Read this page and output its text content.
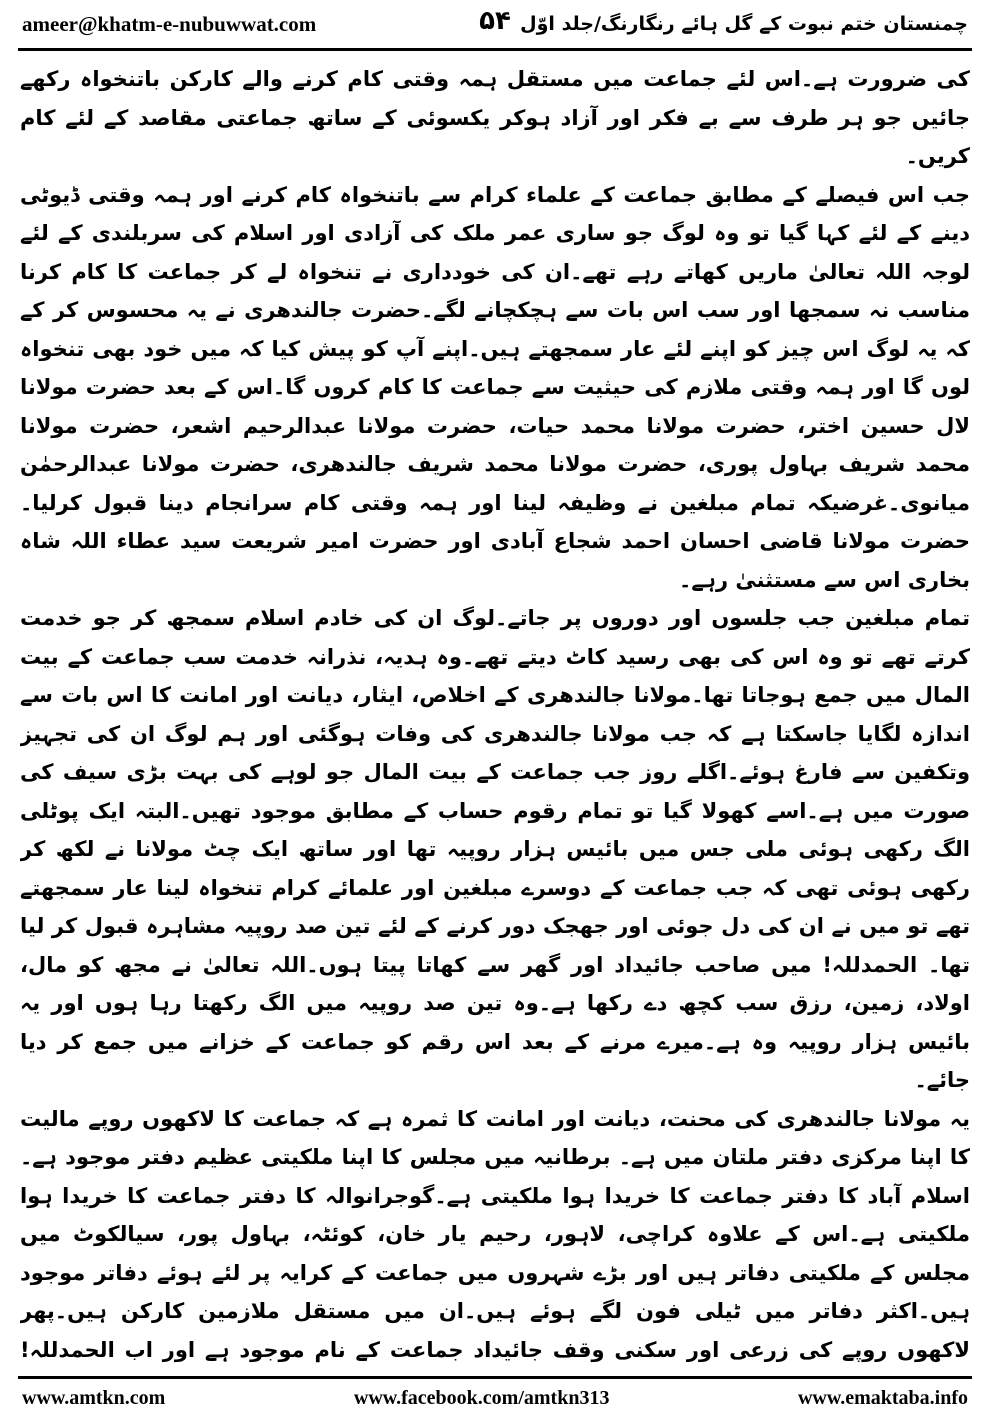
ameer@khatm-e-nubuwwat.com	۵۴ چمنستان ختم نبوت کے گل ہائے رنگارنگ/جلد اوّل

کی ضرورت ہے۔اس لئے جماعت میں مستقل ہمہ وقتی کام کرنے والے کارکن باتنخواہ رکھے جائیں جو ہر طرف سے بے فکر اور آزاد ہوکر یکسوئی کے ساتھ جماعتی مقاصد کے لئے کام کریں۔

جب اس فیصلے کے مطابق جماعت کے علماء کرام سے باتنخواہ کام کرنے اور ہمہ وقتی ڈیوٹی دینے کے لئے کہا گیا تو وہ لوگ جو ساری عمر ملک کی آزادی اور اسلام کی سربلندی کے لئے لوجہ اللہ تعالیٰ ماریں کھاتے رہے تھے۔ان کی خودداری نے تنخواہ لے کر جماعت کا کام کرنا مناسب نہ سمجھا اور سب اس بات سے ہچکچانے لگے۔حضرت جالندھری نے یہ محسوس کر کے کہ یہ لوگ اس چیز کو اپنے لئے عار سمجھتے ہیں۔اپنے آپ کو پیش کیا کہ میں خود بھی تنخواہ لوں گا اور ہمہ وقتی ملازم کی حیثیت سے جماعت کا کام کروں گا۔اس کے بعد حضرت مولانا لال حسین اختر، حضرت مولانا محمد حیات، حضرت مولانا عبدالرحیم اشعر، حضرت مولانا محمد شریف بہاول پوری، حضرت مولانا محمد شریف جالندھری، حضرت مولانا عبدالرحمٰن میانوی۔غرضیکہ تمام مبلغین نے وظیفہ لینا اور ہمہ وقتی کام سرانجام دینا قبول کرلیا۔حضرت مولانا قاضی احسان احمد شجاع آبادی اور حضرت امیر شریعت سید عطاء اللہ شاہ بخاری اس سے مستثنیٰ رہے۔

تمام مبلغین جب جلسوں اور دوروں پر جاتے۔لوگ ان کی خادم اسلام سمجھ کر جو خدمت کرتے تھے تو وہ اس کی بھی رسید کاٹ دیتے تھے۔وہ ہدیہ، نذرانہ خدمت سب جماعت کے بیت المال میں جمع ہوجاتا تھا۔مولانا جالندھری کے اخلاص، ایثار، دیانت اور امانت کا اس بات سے اندازہ لگایا جاسکتا ہے کہ جب مولانا جالندھری کی وفات ہوگئی اور ہم لوگ ان کی تجہیز وتکفین سے فارغ ہوئے۔اگلے روز جب جماعت کے بیت المال جو لوہے کی بہت بڑی سیف کی صورت میں ہے۔اسے کھولا گیا تو تمام رقوم حساب کے مطابق موجود تھیں۔البتہ ایک پوٹلی الگ رکھی ہوئی ملی جس میں بائیس ہزار روپیہ تھا اور ساتھ ایک چٹ مولانا نے لکھ کر رکھی ہوئی تھی کہ جب جماعت کے دوسرے مبلغین اور علمائے کرام تنخواہ لینا عار سمجھتے تھے تو میں نے ان کی دل جوئی اور جھجک دور کرنے کے لئے تین صد روپیہ مشاہرہ قبول کر لیا تھا۔ الحمدللہ! میں صاحب جائیداد اور گھر سے کھاتا پیتا ہوں۔اللہ تعالیٰ نے مجھ کو مال، اولاد، زمین، رزق سب کچھ دے رکھا ہے۔وہ تین صد روپیہ میں الگ رکھتا رہا ہوں اور یہ بائیس ہزار روپیہ وہ ہے۔میرے مرنے کے بعد اس رقم کو جماعت کے خزانے میں جمع کر دیا جائے۔

یہ مولانا جالندھری کی محنت، دیانت اور امانت کا ثمرہ ہے کہ جماعت کا لاکھوں روپے مالیت کا اپنا مرکزی دفتر ملتان میں ہے۔ برطانیہ میں مجلس کا اپنا ملکیتی عظیم دفتر موجود ہے۔اسلام آباد کا دفتر جماعت کا خریدا ہوا ملکیتی ہے۔گوجرانوالہ کا دفتر جماعت کا خریدا ہوا ملکیتی ہے۔اس کے علاوہ کراچی، لاہور، رحیم یار خان، کوئٹہ، بہاول پور، سیالکوٹ میں مجلس کے ملکیتی دفاتر ہیں اور بڑے شہروں میں جماعت کے کرایہ پر لئے ہوئے دفاتر موجود ہیں۔اکثر دفاتر میں ٹیلی فون لگے ہوئے ہیں۔ان میں مستقل ملازمین کارکن ہیں۔پھر لاکھوں روپے کی زرعی اور سکنی وقف جائیداد جماعت کے نام موجود ہے اور اب الحمدللہ!

www.amtkn.com	www.facebook.com/amtkn313	www.emaktaba.info
